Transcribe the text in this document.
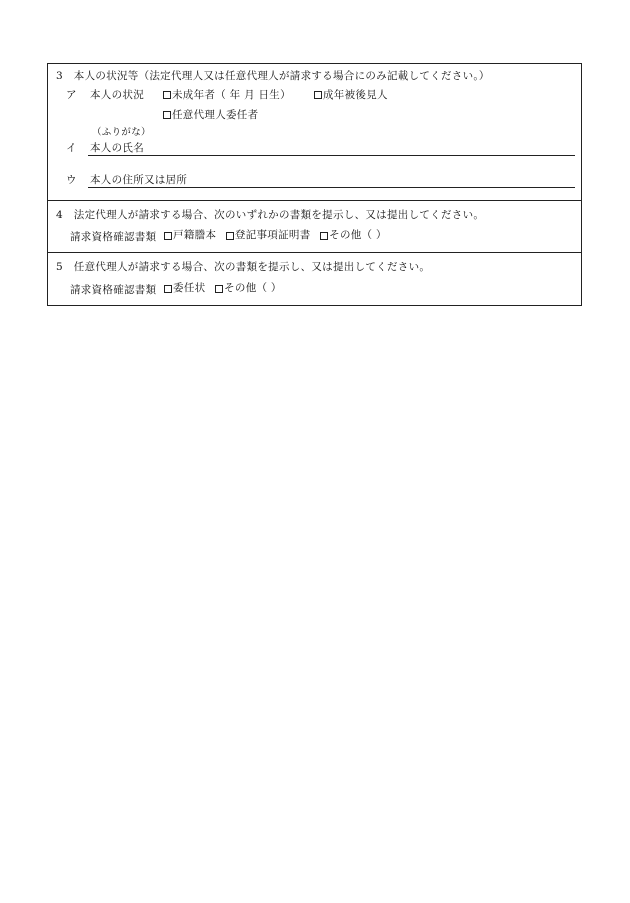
3　本人の状況等（法定代理人又は任意代理人が請求する場合にのみ記載してください。）
ア 本人の状況	未成年者（ 年 月 日生）	成年被後見人
任意代理人委任者
（ふりがな）
イ 本人の氏名
ウ 本人の住所又は居所
4　法定代理人が請求する場合、次のいずれかの書類を提示し、又は提出してください。
請求資格確認書類 戸籍謄本
登記事項証明書
その他（ ）
5　任意代理人が請求する場合、次の書類を提示し、又は提出してください。
請求資格確認書類 委任状
その他（ ）
